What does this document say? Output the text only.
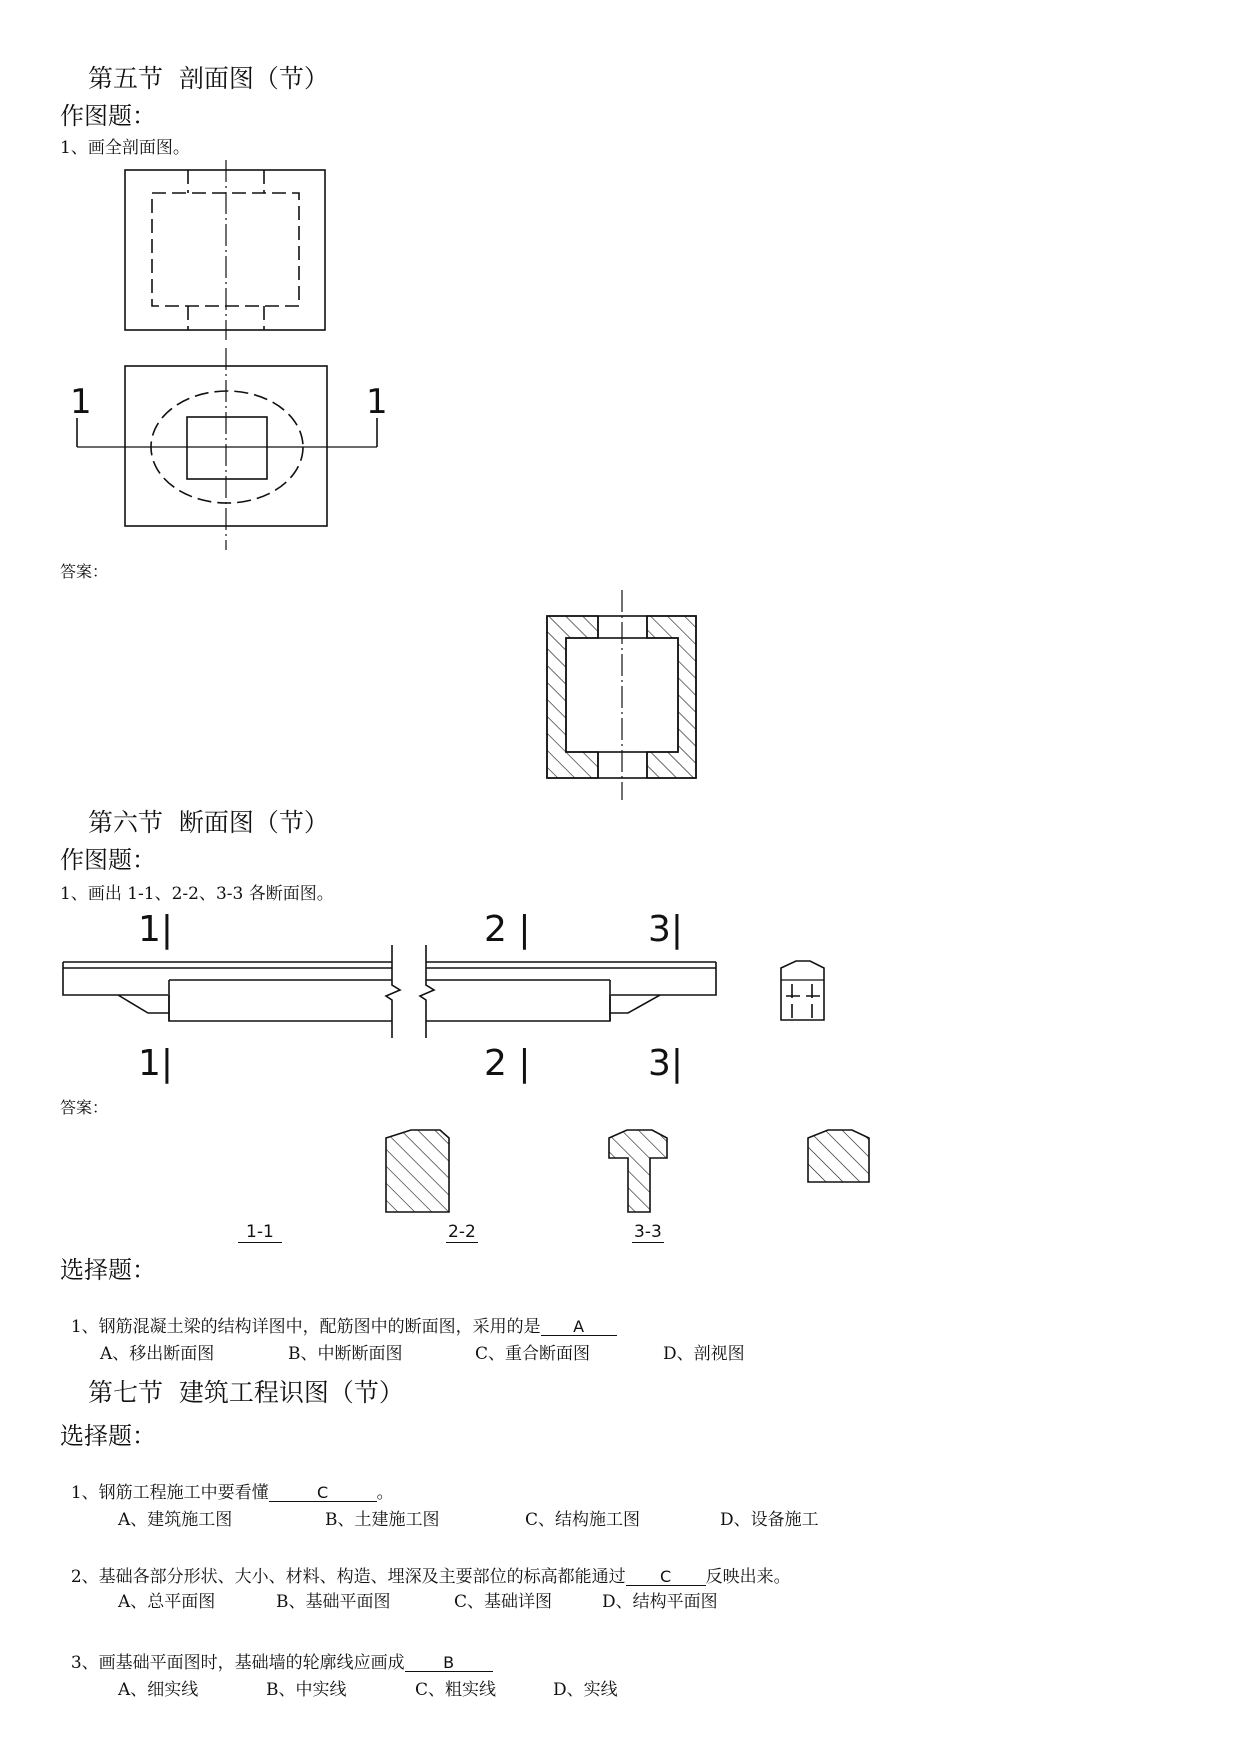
第五节  剖面图（节）
作图题：
1、画全剖面图。
1	1
答案：
第六节  断面图（节）
作图题：
1、画出 1-1、2-2、3-3 各断面图。
1|	2 |	3|
1|	2 |	3|
答案：
1-1	2-2	3-3
选择题：

1、钢筋混凝土梁的结构详图中，配筋图中的断面图，采用的是 A

A、移出断面图	B、中断断面图	C、重合断面图	D、剖视图
第七节  建筑工程识图（节）
选择题：

1、钢筋工程施工中要看懂	C	。

A、建筑施工图	B、土建施工图	C、结构施工图	D、设备施工

2、基础各部分形状、大小、材料、构造、埋深及主要部位的标高都能通过 C 反映出来。

A、总平面图	B、基础平面图	C、基础详图	D、结构平面图

3、画基础平面图时，基础墙的轮廓线应画成 B

A、细实线	B、中实线	C、粗实线	D、实线
